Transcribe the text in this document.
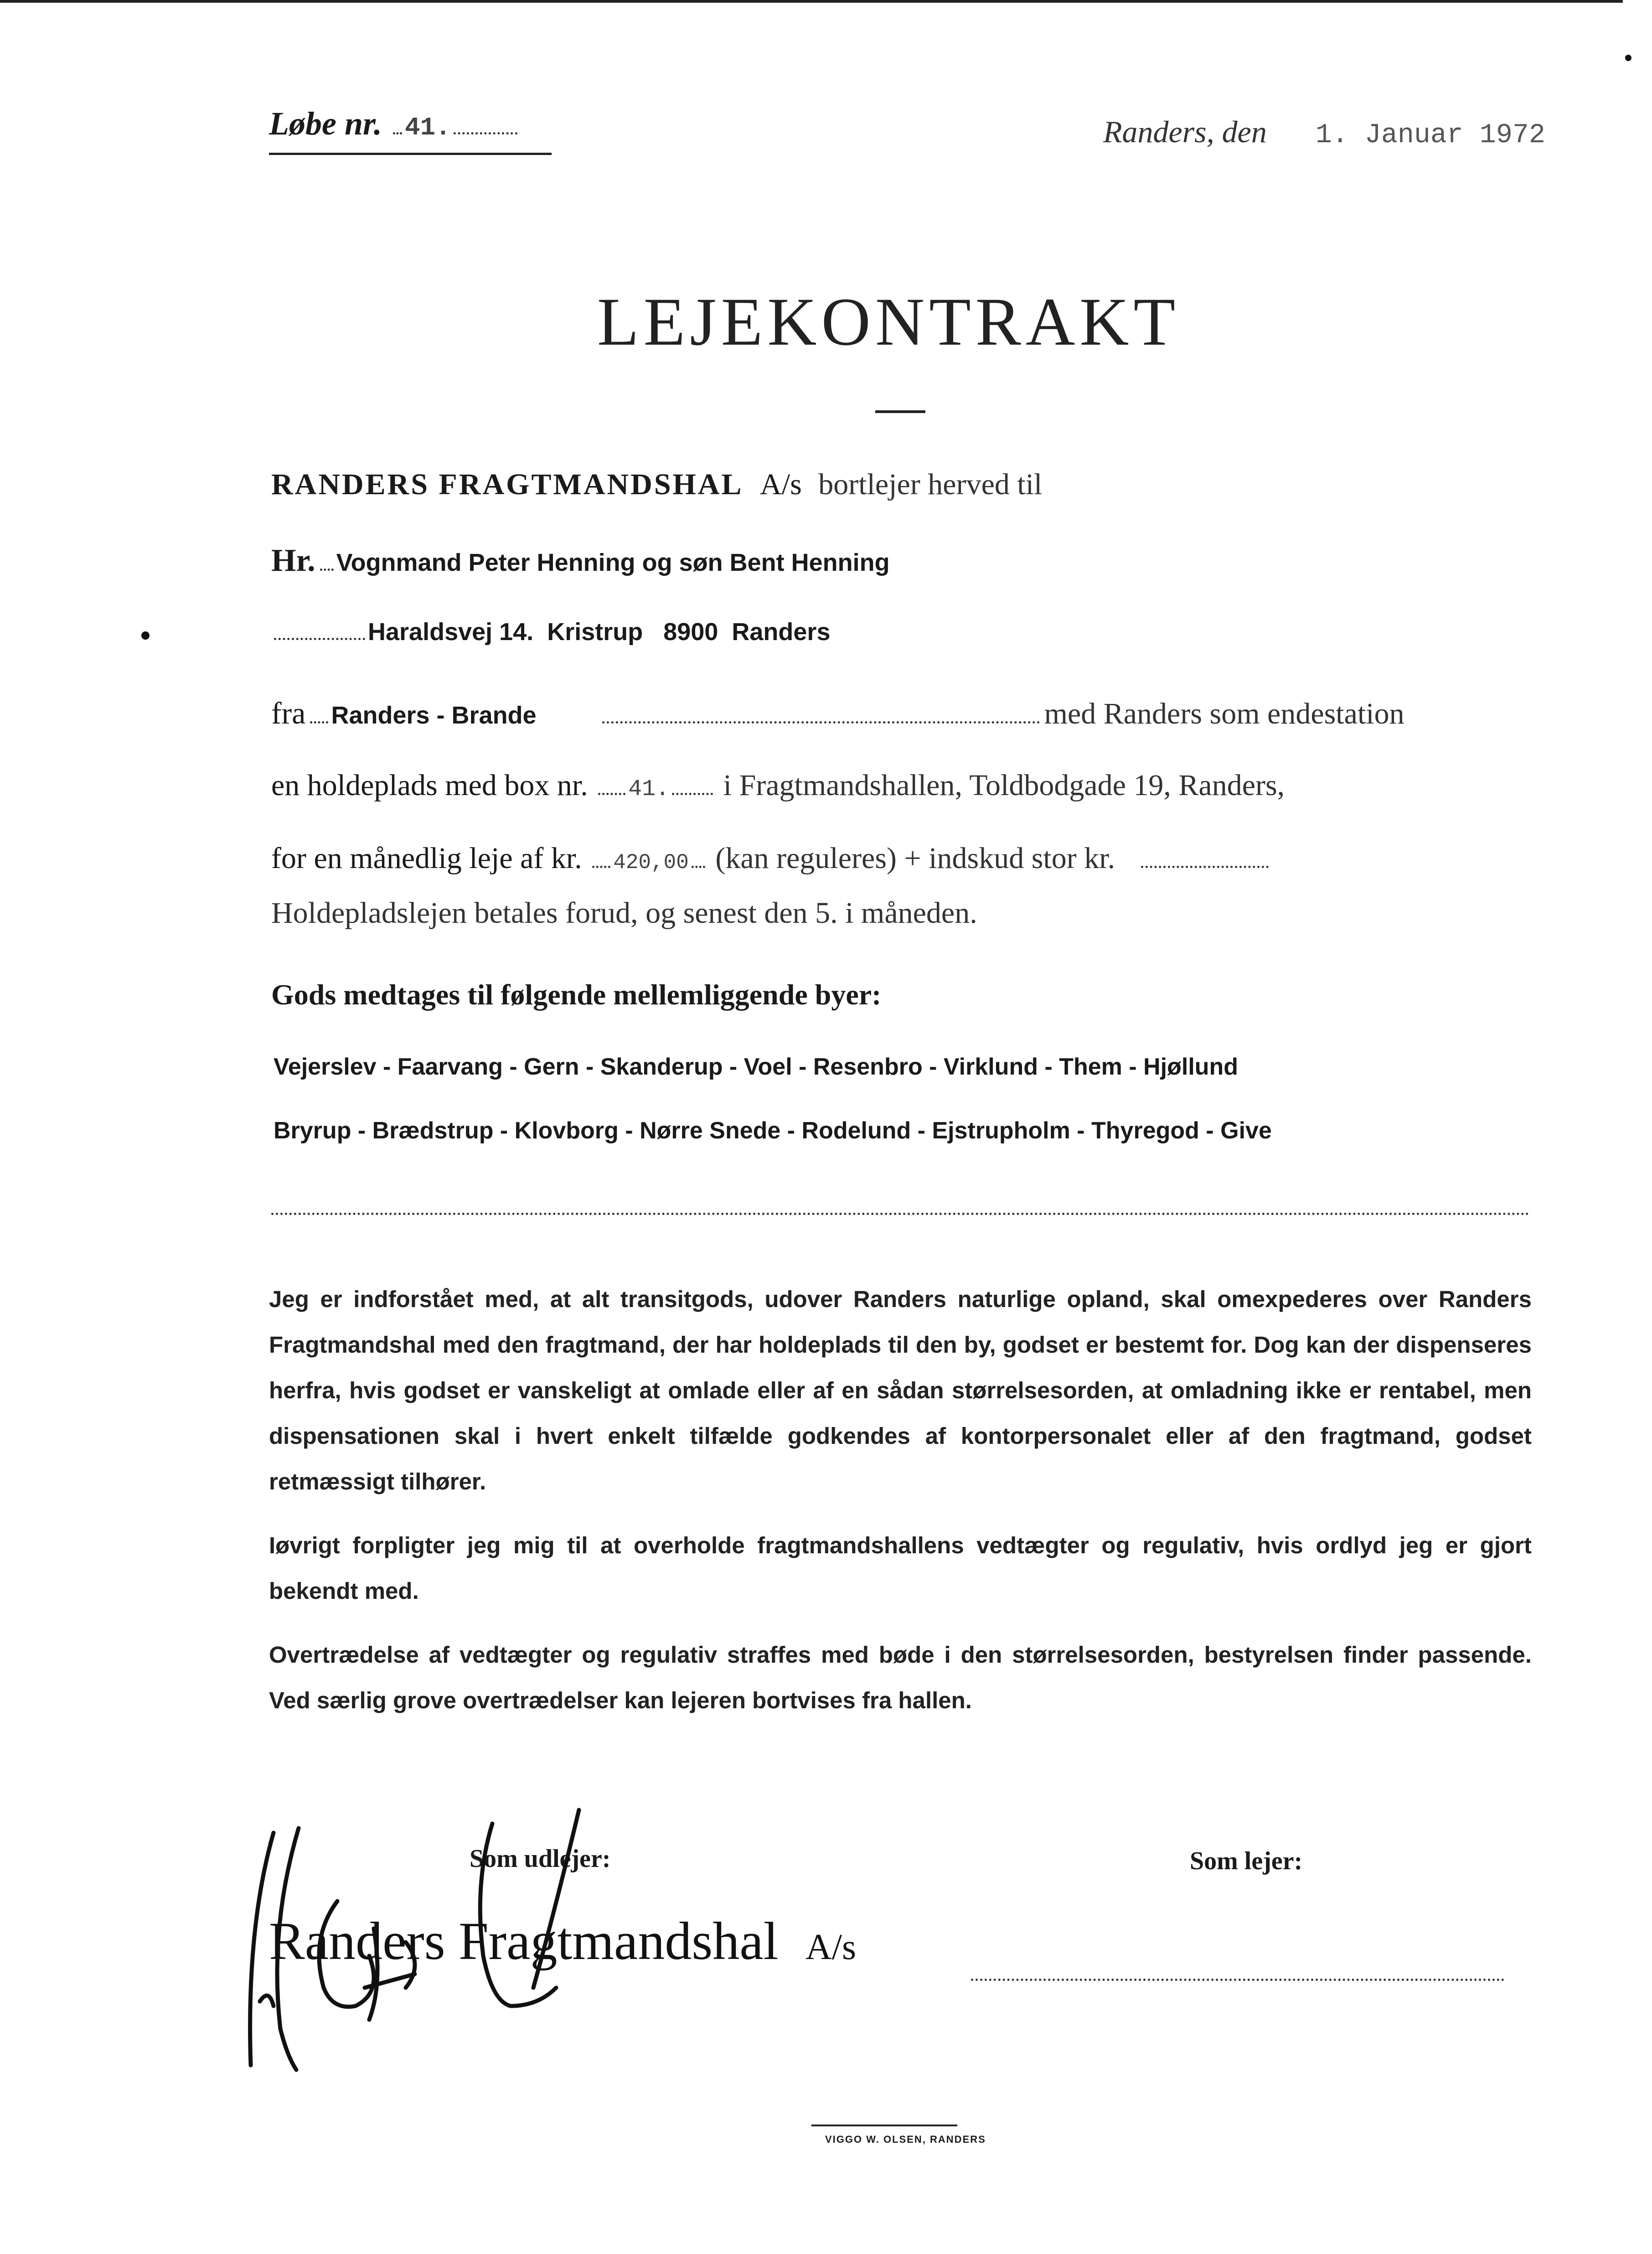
Løbe nr. 41.	Randers, den 1. Januar 1972
LEJEKONTRAKT
RANDERS FRAGTMANDSHAL A/s bortlejer herved til
Hr. Vognmand Peter Henning og søn Bent Henning
Haraldsvej 14.  Kristrup   8900  Randers
fra Randers - Brande	med Randers som endestation
en holdeplads med box nr. 41. i Fragtmandshallen, Toldbodgade 19, Randers,
for en månedlig leje af kr. 420,00 (kan reguleres) + indskud stor kr.
Holdepladslejen betales forud, og senest den 5. i måneden.
Gods medtages til følgende mellemliggende byer:
Vejerslev - Faarvang - Gern - Skanderup - Voel - Resenbro - Virklund - Them - Hjøllund
Bryrup - Brædstrup - Klovborg - Nørre Snede - Rodelund - Ejstrupholm - Thyregod - Give

Jeg er indforstået med, at alt transitgods, udover Randers naturlige opland, skal omexpederes over Randers Fragtmandshal med den fragtmand, der har holdeplads til den by, godset er bestemt for. Dog kan der dispenseres herfra, hvis godset er vanskeligt at omlade eller af en sådan størrelsesorden, at omladning ikke er rentabel, men dispensationen skal i hvert enkelt tilfælde godkendes af kontorpersonalet eller af den fragtmand, godset retmæssigt tilhører.

Iøvrigt forpligter jeg mig til at overholde fragtmandshallens vedtægter og regulativ, hvis ordlyd jeg er gjort bekendt med.

Overtrædelse af vedtægter og regulativ straffes med bøde i den størrelsesorden, bestyrelsen finder passende. Ved særlig grove overtrædelser kan lejeren bortvises fra hallen.

Som udlejer:	Som lejer:
Randers Fragtmandshal A/s
VIGGO W. OLSEN, RANDERS
